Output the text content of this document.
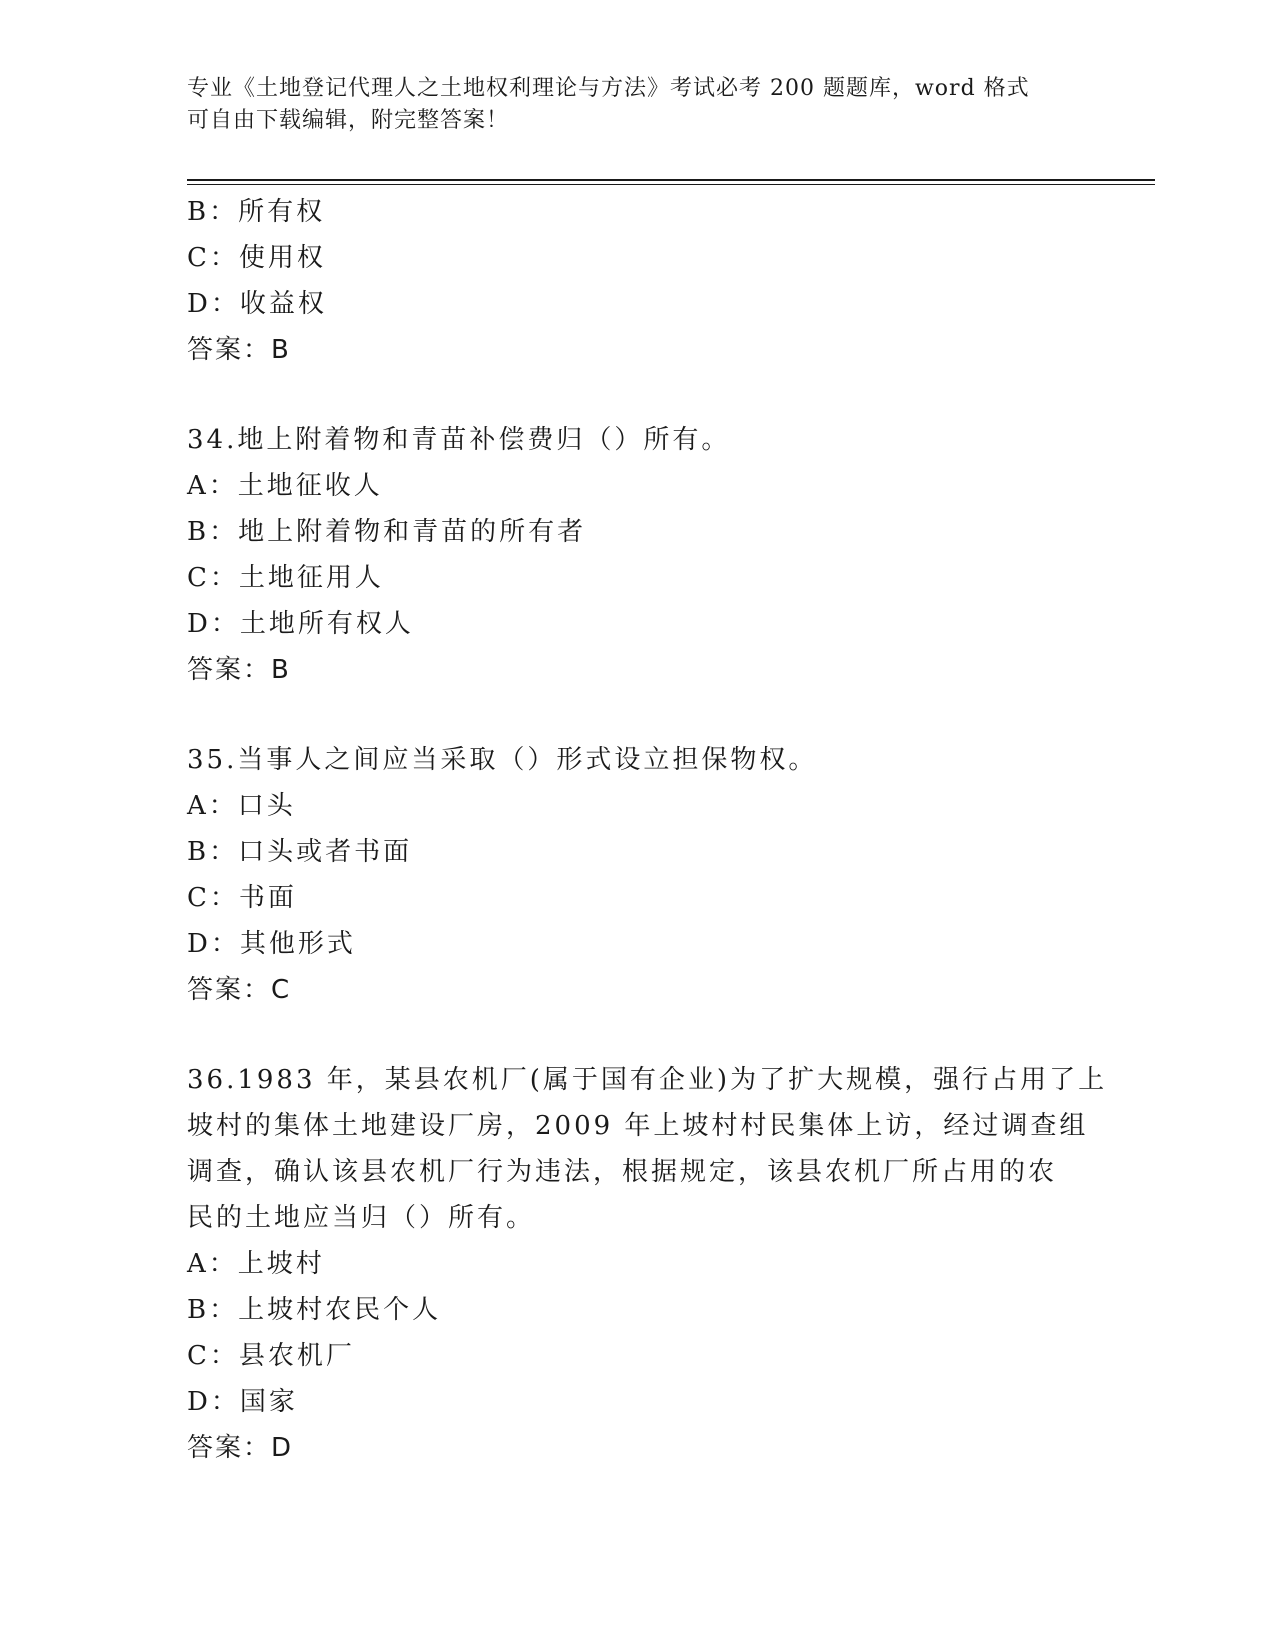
专业《土地登记代理人之土地权利理论与方法》考试必考 200 题题库，word 格式
可自由下载编辑，附完整答案！
B：所有权
C：使用权
D：收益权
答案：B
34.地上附着物和青苗补偿费归（）所有。
A：土地征收人
B：地上附着物和青苗的所有者
C：土地征用人
D：土地所有权人
答案：B
35.当事人之间应当采取（）形式设立担保物权。
A：口头
B：口头或者书面
C：书面
D：其他形式
答案：C
36.1983 年，某县农机厂(属于国有企业)为了扩大规模，强行占用了上
坡村的集体土地建设厂房，2009 年上坡村村民集体上访，经过调查组
调查，确认该县农机厂行为违法，根据规定，该县农机厂所占用的农
民的土地应当归（）所有。
A：上坡村
B：上坡村农民个人
C：县农机厂
D：国家
答案：D
